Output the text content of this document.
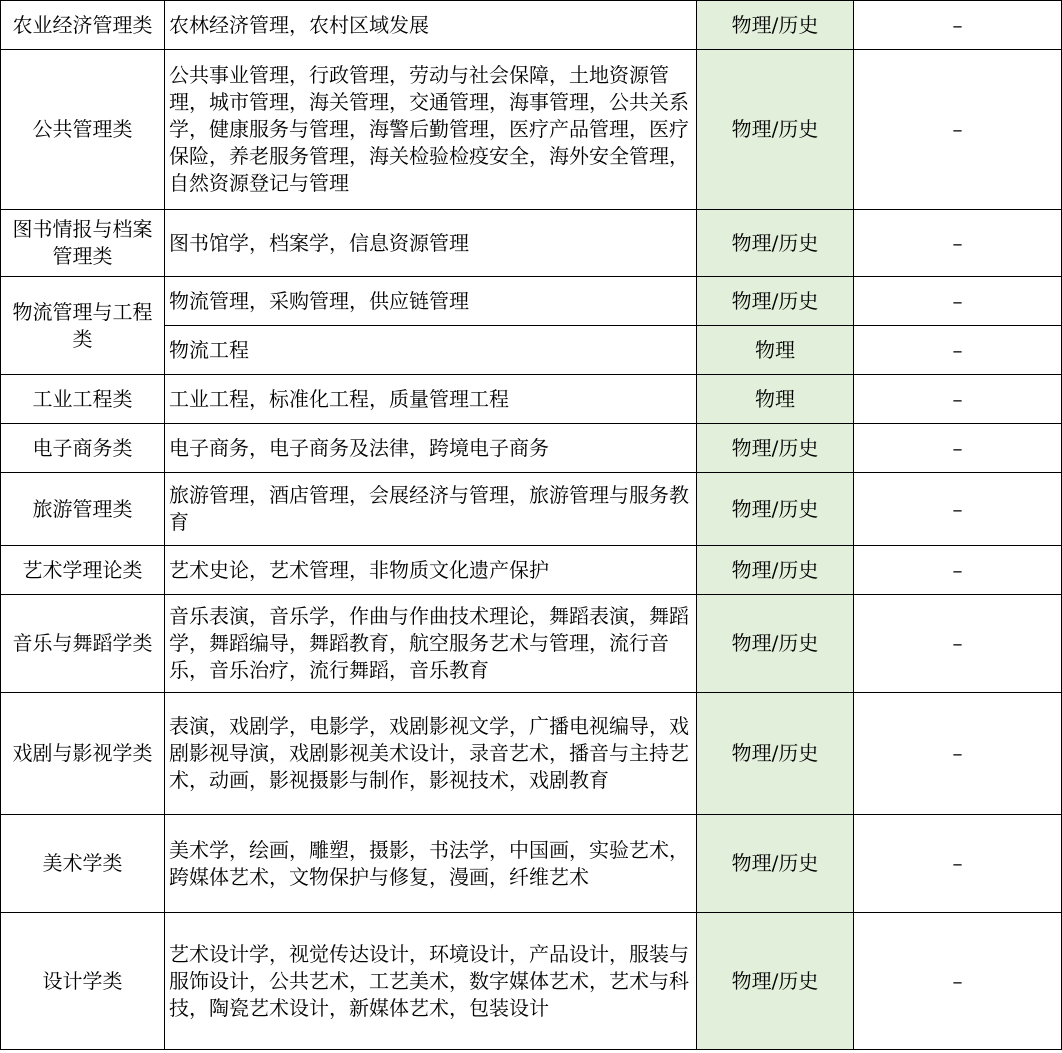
农业经济管理类	农林经济管理，农村区域发展	物理/历史	–
公共管理类	公共事业管理，行政管理，劳动与社会保障，土地资源管理，城市管理，海关管理，交通管理，海事管理，公共关系学，健康服务与管理，海警后勤管理，医疗产品管理，医疗保险，养老服务管理，海关检验检疫安全，海外安全管理，自然资源登记与管理	物理/历史	–
图书情报与档案管理类	图书馆学，档案学，信息资源管理	物理/历史	–
物流管理与工程类	物流管理，采购管理，供应链管理	物理/历史	–
	物流工程	物理	–
工业工程类	工业工程，标准化工程，质量管理工程	物理	–
电子商务类	电子商务，电子商务及法律，跨境电子商务	物理/历史	–
旅游管理类	旅游管理，酒店管理，会展经济与管理，旅游管理与服务教育	物理/历史	–
艺术学理论类	艺术史论，艺术管理，非物质文化遗产保护	物理/历史	–
音乐与舞蹈学类	音乐表演，音乐学，作曲与作曲技术理论，舞蹈表演，舞蹈学，舞蹈编导，舞蹈教育，航空服务艺术与管理，流行音乐，音乐治疗，流行舞蹈，音乐教育	物理/历史	–
戏剧与影视学类	表演，戏剧学，电影学，戏剧影视文学，广播电视编导，戏剧影视导演，戏剧影视美术设计，录音艺术，播音与主持艺术，动画，影视摄影与制作，影视技术，戏剧教育	物理/历史	–
美术学类	美术学，绘画，雕塑，摄影，书法学，中国画，实验艺术，跨媒体艺术，文物保护与修复，漫画，纤维艺术	物理/历史	–
设计学类	艺术设计学，视觉传达设计，环境设计，产品设计，服装与服饰设计，公共艺术，工艺美术，数字媒体艺术，艺术与科技，陶瓷艺术设计，新媒体艺术，包装设计	物理/历史	–
